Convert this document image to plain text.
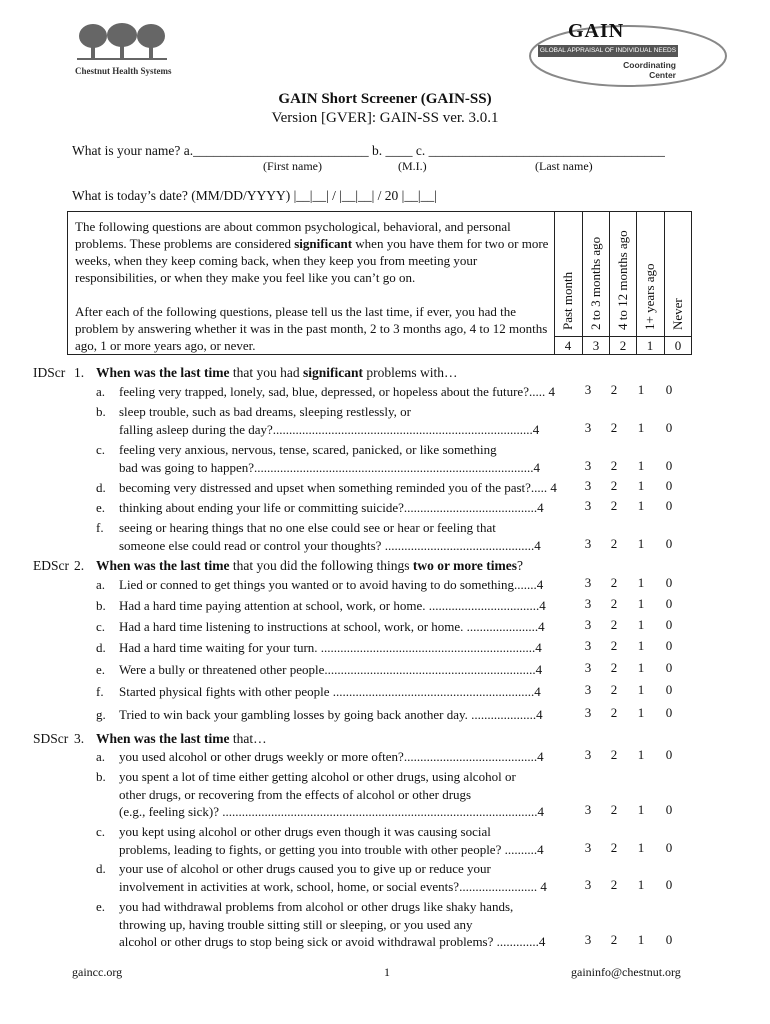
Chestnut Health Systems
GAIN
GLOBAL APPRAISAL OF INDIVIDUAL NEEDS
Coordinating
Center
GAIN Short Screener (GAIN-SS)
Version [GVER]: GAIN-SS ver. 3.0.1
What is your name? a.__________________________ b. ____ c. ___________________________________
(First name)	(M.I.)	(Last name)
What is today’s date? (MM/DD/YYYY) |__|__| / |__|__| / 20 |__|__|
The following questions are about common psychological, behavioral, and personal problems. These problems are considered significant when you have them for two or more weeks, when they keep coming back, when they keep you from meeting your responsibilities, or when they make you feel like you can’t go on.
After each of the following questions, please tell us the last time, if ever, you had the problem by answering whether it was in the past month, 2 to 3 months ago, 4 to 12 months ago, 1 or more years ago, or never.
Past month 2 to 3 months ago 4 to 12 months ago 1+ years ago Never
4	3	2	1	0
IDScr 1. When was the last time that you had significant problems with…
a. feeling very trapped, lonely, sad, blue, depressed, or hopeless about the future?..... 4	3	2	1	0
b. sleep trouble, such as bad dreams, sleeping restlessly, or
falling asleep during the day?................................................................................4	3	2	1	0
c. feeling very anxious, nervous, tense, scared, panicked, or like something
bad was going to happen?......................................................................................4	3	2	1	0
d. becoming very distressed and upset when something reminded you of the past?..... 4	3	2	1	0
e. thinking about ending your life or committing suicide?.........................................4	3	2	1	0
f. seeing or hearing things that no one else could see or hear or feeling that
someone else could read or control your thoughts? ..............................................4	3	2	1	0
EDScr 2. When was the last time that you did the following things two or more times?
a. Lied or conned to get things you wanted or to avoid having to do something.......4	3	2	1	0
b. Had a hard time paying attention at school, work, or home. ..................................4	3	2	1	0
c. Had a hard time listening to instructions at school, work, or home. ......................4	3	2	1	0
d. Had a hard time waiting for your turn. ..................................................................4	3	2	1	0
e. Were a bully or threatened other people.................................................................4	3	2	1	0
f. Started physical fights with other people ..............................................................4	3	2	1	0
g. Tried to win back your gambling losses by going back another day. ....................4	3	2	1	0
SDScr 3. When was the last time that…
a. you used alcohol or other drugs weekly or more often?.........................................4	3	2	1	0
b. you spent a lot of time either getting alcohol or other drugs, using alcohol or
other drugs, or recovering from the effects of alcohol or other drugs
(e.g., feeling sick)? .................................................................................................4	3	2	1	0
c. you kept using alcohol or other drugs even though it was causing social
problems, leading to fights, or getting you into trouble with other people? ..........4	3	2	1	0
d. your use of alcohol or other drugs caused you to give up or reduce your
involvement in activities at work, school, home, or social events?........................ 4	3	2	1	0
e. you had withdrawal problems from alcohol or other drugs like shaky hands,
throwing up, having trouble sitting still or sleeping, or you used any
alcohol or other drugs to stop being sick or avoid withdrawal problems? .............4	3	2	1	0
gaincc.org	1	gaininfo@chestnut.org
